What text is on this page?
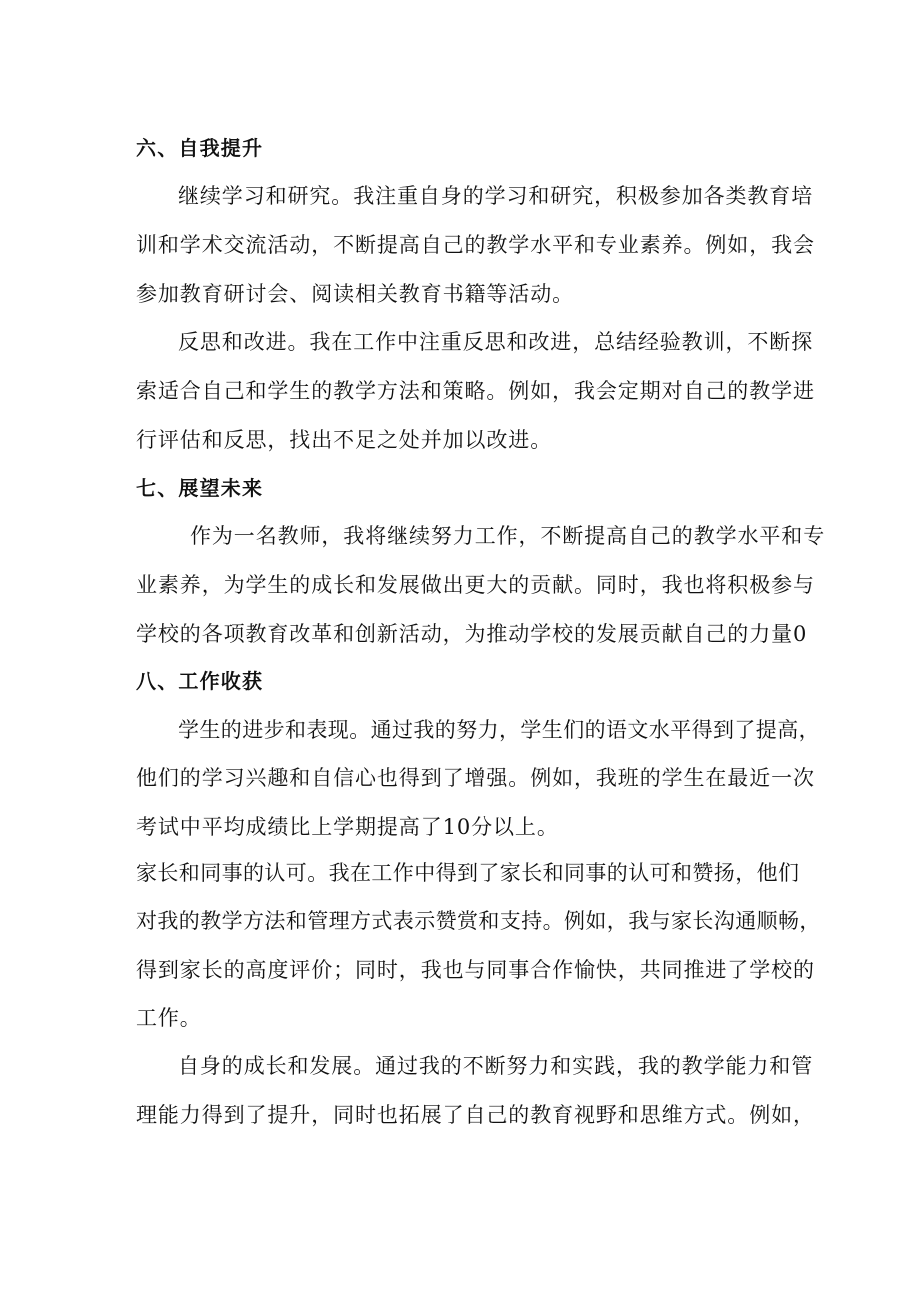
六、自我提升
继续学习和研究。我注重自身的学习和研究，积极参加各类教育培
训和学术交流活动，不断提高自己的教学水平和专业素养。例如，我会
参加教育研讨会、阅读相关教育书籍等活动。
反思和改进。我在工作中注重反思和改进，总结经验教训，不断探
索适合自己和学生的教学方法和策略。例如，我会定期对自己的教学进
行评估和反思，找出不足之处并加以改进。
七、展望未来
作为一名教师，我将继续努力工作，不断提高自己的教学水平和专
业素养，为学生的成长和发展做出更大的贡献。同时，我也将积极参与
学校的各项教育改革和创新活动，为推动学校的发展贡献自己的力量0
八、工作收获
学生的进步和表现。通过我的努力，学生们的语文水平得到了提高，
他们的学习兴趣和自信心也得到了增强。例如，我班的学生在最近一次
考试中平均成绩比上学期提高了10分以上。
家长和同事的认可。我在工作中得到了家长和同事的认可和赞扬，他们
对我的教学方法和管理方式表示赞赏和支持。例如，我与家长沟通顺畅，
得到家长的高度评价；同时，我也与同事合作愉快，共同推进了学校的
工作。
自身的成长和发展。通过我的不断努力和实践，我的教学能力和管
理能力得到了提升，同时也拓展了自己的教育视野和思维方式。例如，
